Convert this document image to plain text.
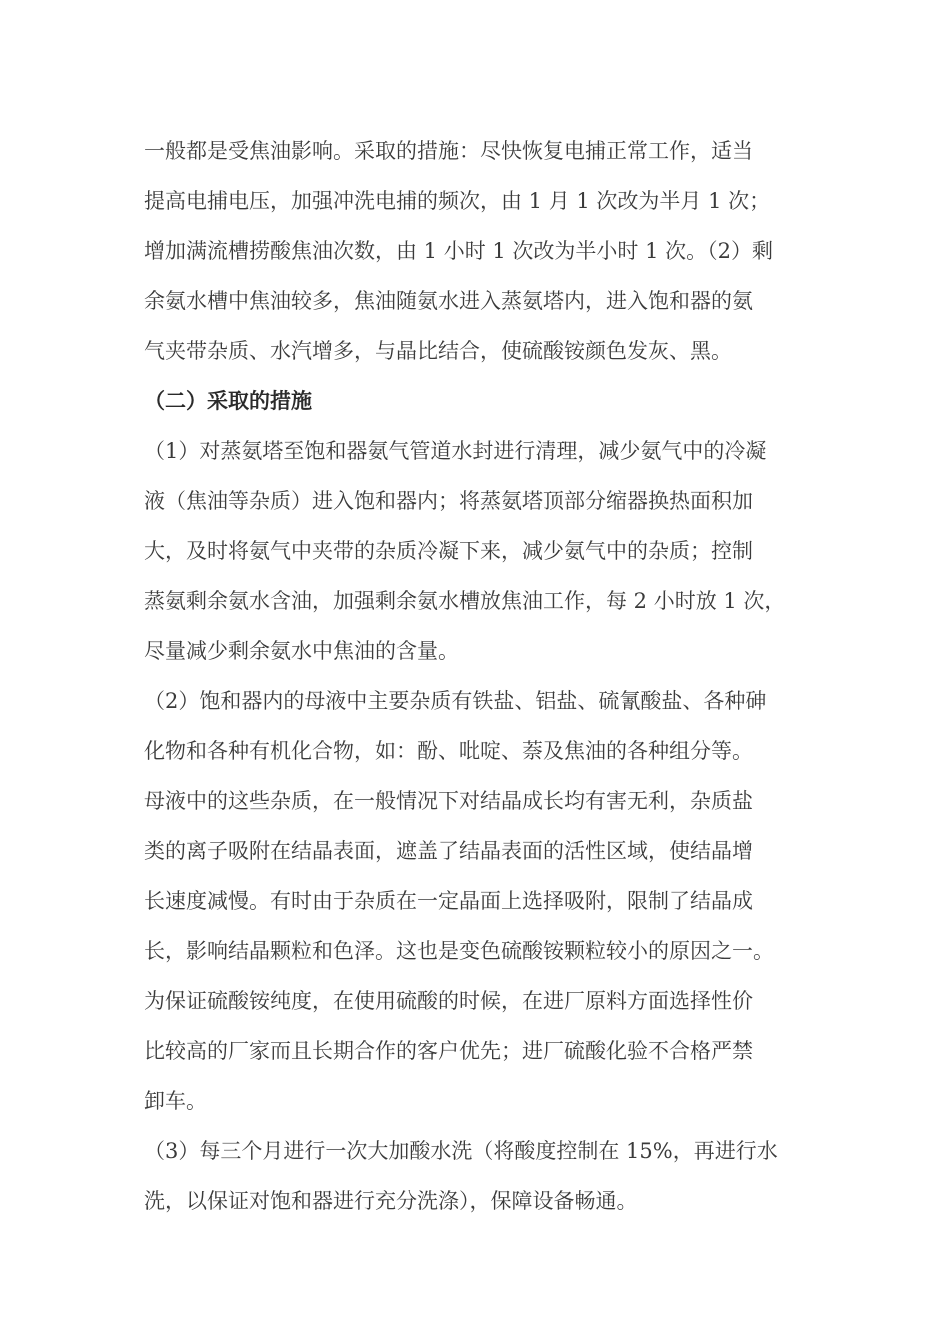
一般都是受焦油影响。采取的措施：尽快恢复电捕正常工作，适当
提高电捕电压，加强冲洗电捕的频次，由 1 月 1 次改为半月 1 次；
增加满流槽捞酸焦油次数，由 1 小时 1 次改为半小时 1 次。（2）剩
余氨水槽中焦油较多，焦油随氨水进入蒸氨塔内，进入饱和器的氨
气夹带杂质、水汽增多，与晶比结合，使硫酸铵颜色发灰、黑。
（二）采取的措施
（1）对蒸氨塔至饱和器氨气管道水封进行清理，减少氨气中的冷凝
液（焦油等杂质）进入饱和器内；将蒸氨塔顶部分缩器换热面积加
大，及时将氨气中夹带的杂质冷凝下来，减少氨气中的杂质；控制
蒸氨剩余氨水含油，加强剩余氨水槽放焦油工作，每 2 小时放 1 次，
尽量减少剩余氨水中焦油的含量。
（2）饱和器内的母液中主要杂质有铁盐、铝盐、硫氰酸盐、各种砷
化物和各种有机化合物，如：酚、吡啶、萘及焦油的各种组分等。
母液中的这些杂质，在一般情况下对结晶成长均有害无利，杂质盐
类的离子吸附在结晶表面，遮盖了结晶表面的活性区域，使结晶增
长速度减慢。有时由于杂质在一定晶面上选择吸附，限制了结晶成
长，影响结晶颗粒和色泽。这也是变色硫酸铵颗粒较小的原因之一。
为保证硫酸铵纯度，在使用硫酸的时候，在进厂原料方面选择性价
比较高的厂家而且长期合作的客户优先；进厂硫酸化验不合格严禁
卸车。
（3）每三个月进行一次大加酸水洗（将酸度控制在 15%，再进行水
洗，以保证对饱和器进行充分洗涤），保障设备畅通。
